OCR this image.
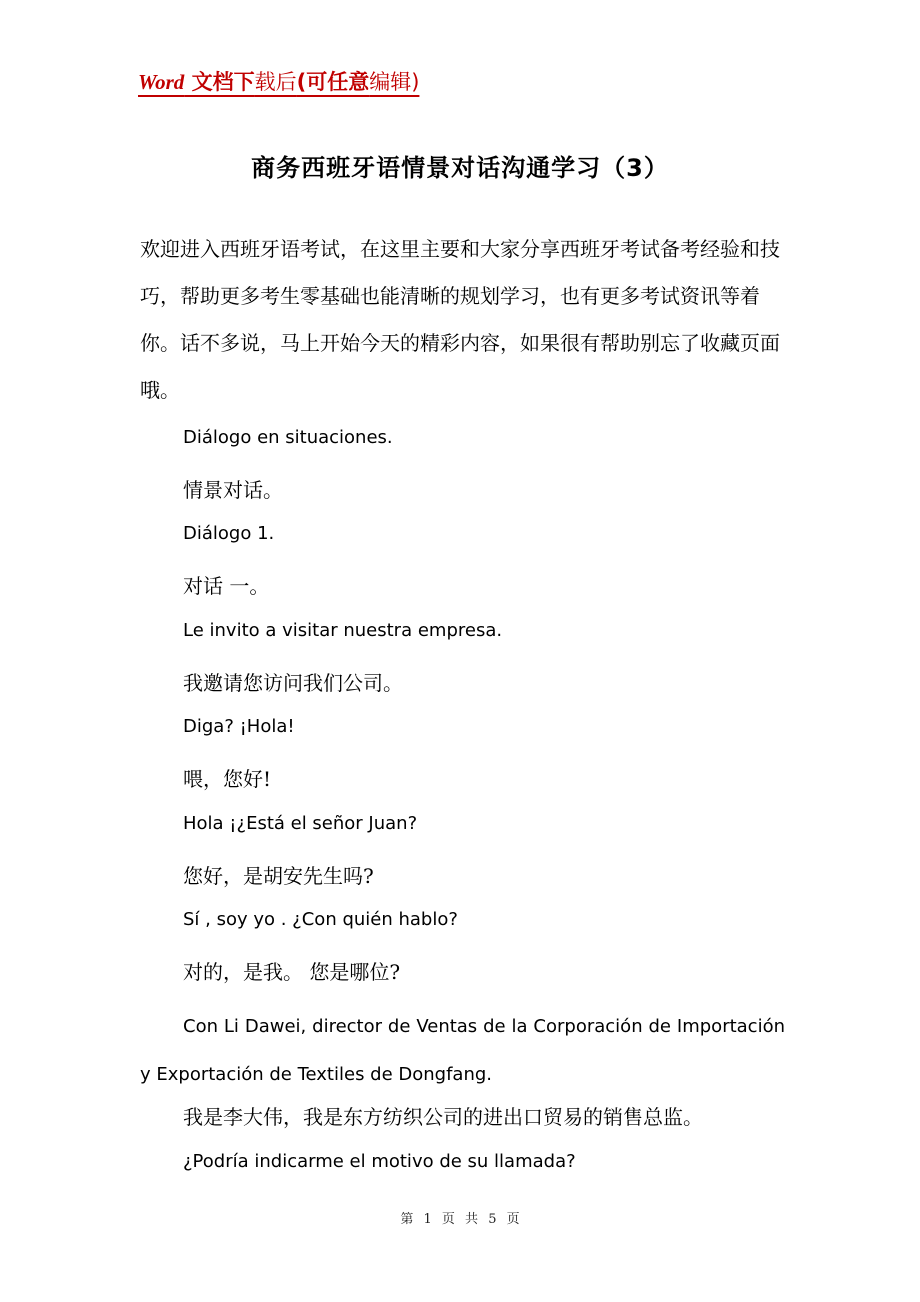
Word 文档下载后(可任意编辑)
商务西班牙语情景对话沟通学习（3）

欢迎进入西班牙语考试，在这里主要和大家分享西班牙考试备考经验和技巧，帮助更多考生零基础也能清晰的规划学习，也有更多考试资讯等着你。话不多说，马上开始今天的精彩内容，如果很有帮助别忘了收藏页面哦。

Diálogo en situaciones.

情景对话。

Diálogo 1.

对话 一。

Le invito a visitar nuestra empresa.

我邀请您访问我们公司。

Diga? ¡Hola!

喂，您好!

Hola ¡¿Está el señor Juan?

您好，是胡安先生吗?

Sí , soy yo . ¿Con quién hablo?

对的，是我。 您是哪位?

Con Li Dawei, director de Ventas de la Corporación de Importación y Exportación de Textiles de Dongfang.

我是李大伟，我是东方纺织公司的进出口贸易的销售总监。

¿Podría indicarme el motivo de su llamada?

第 1 页 共 5 页
